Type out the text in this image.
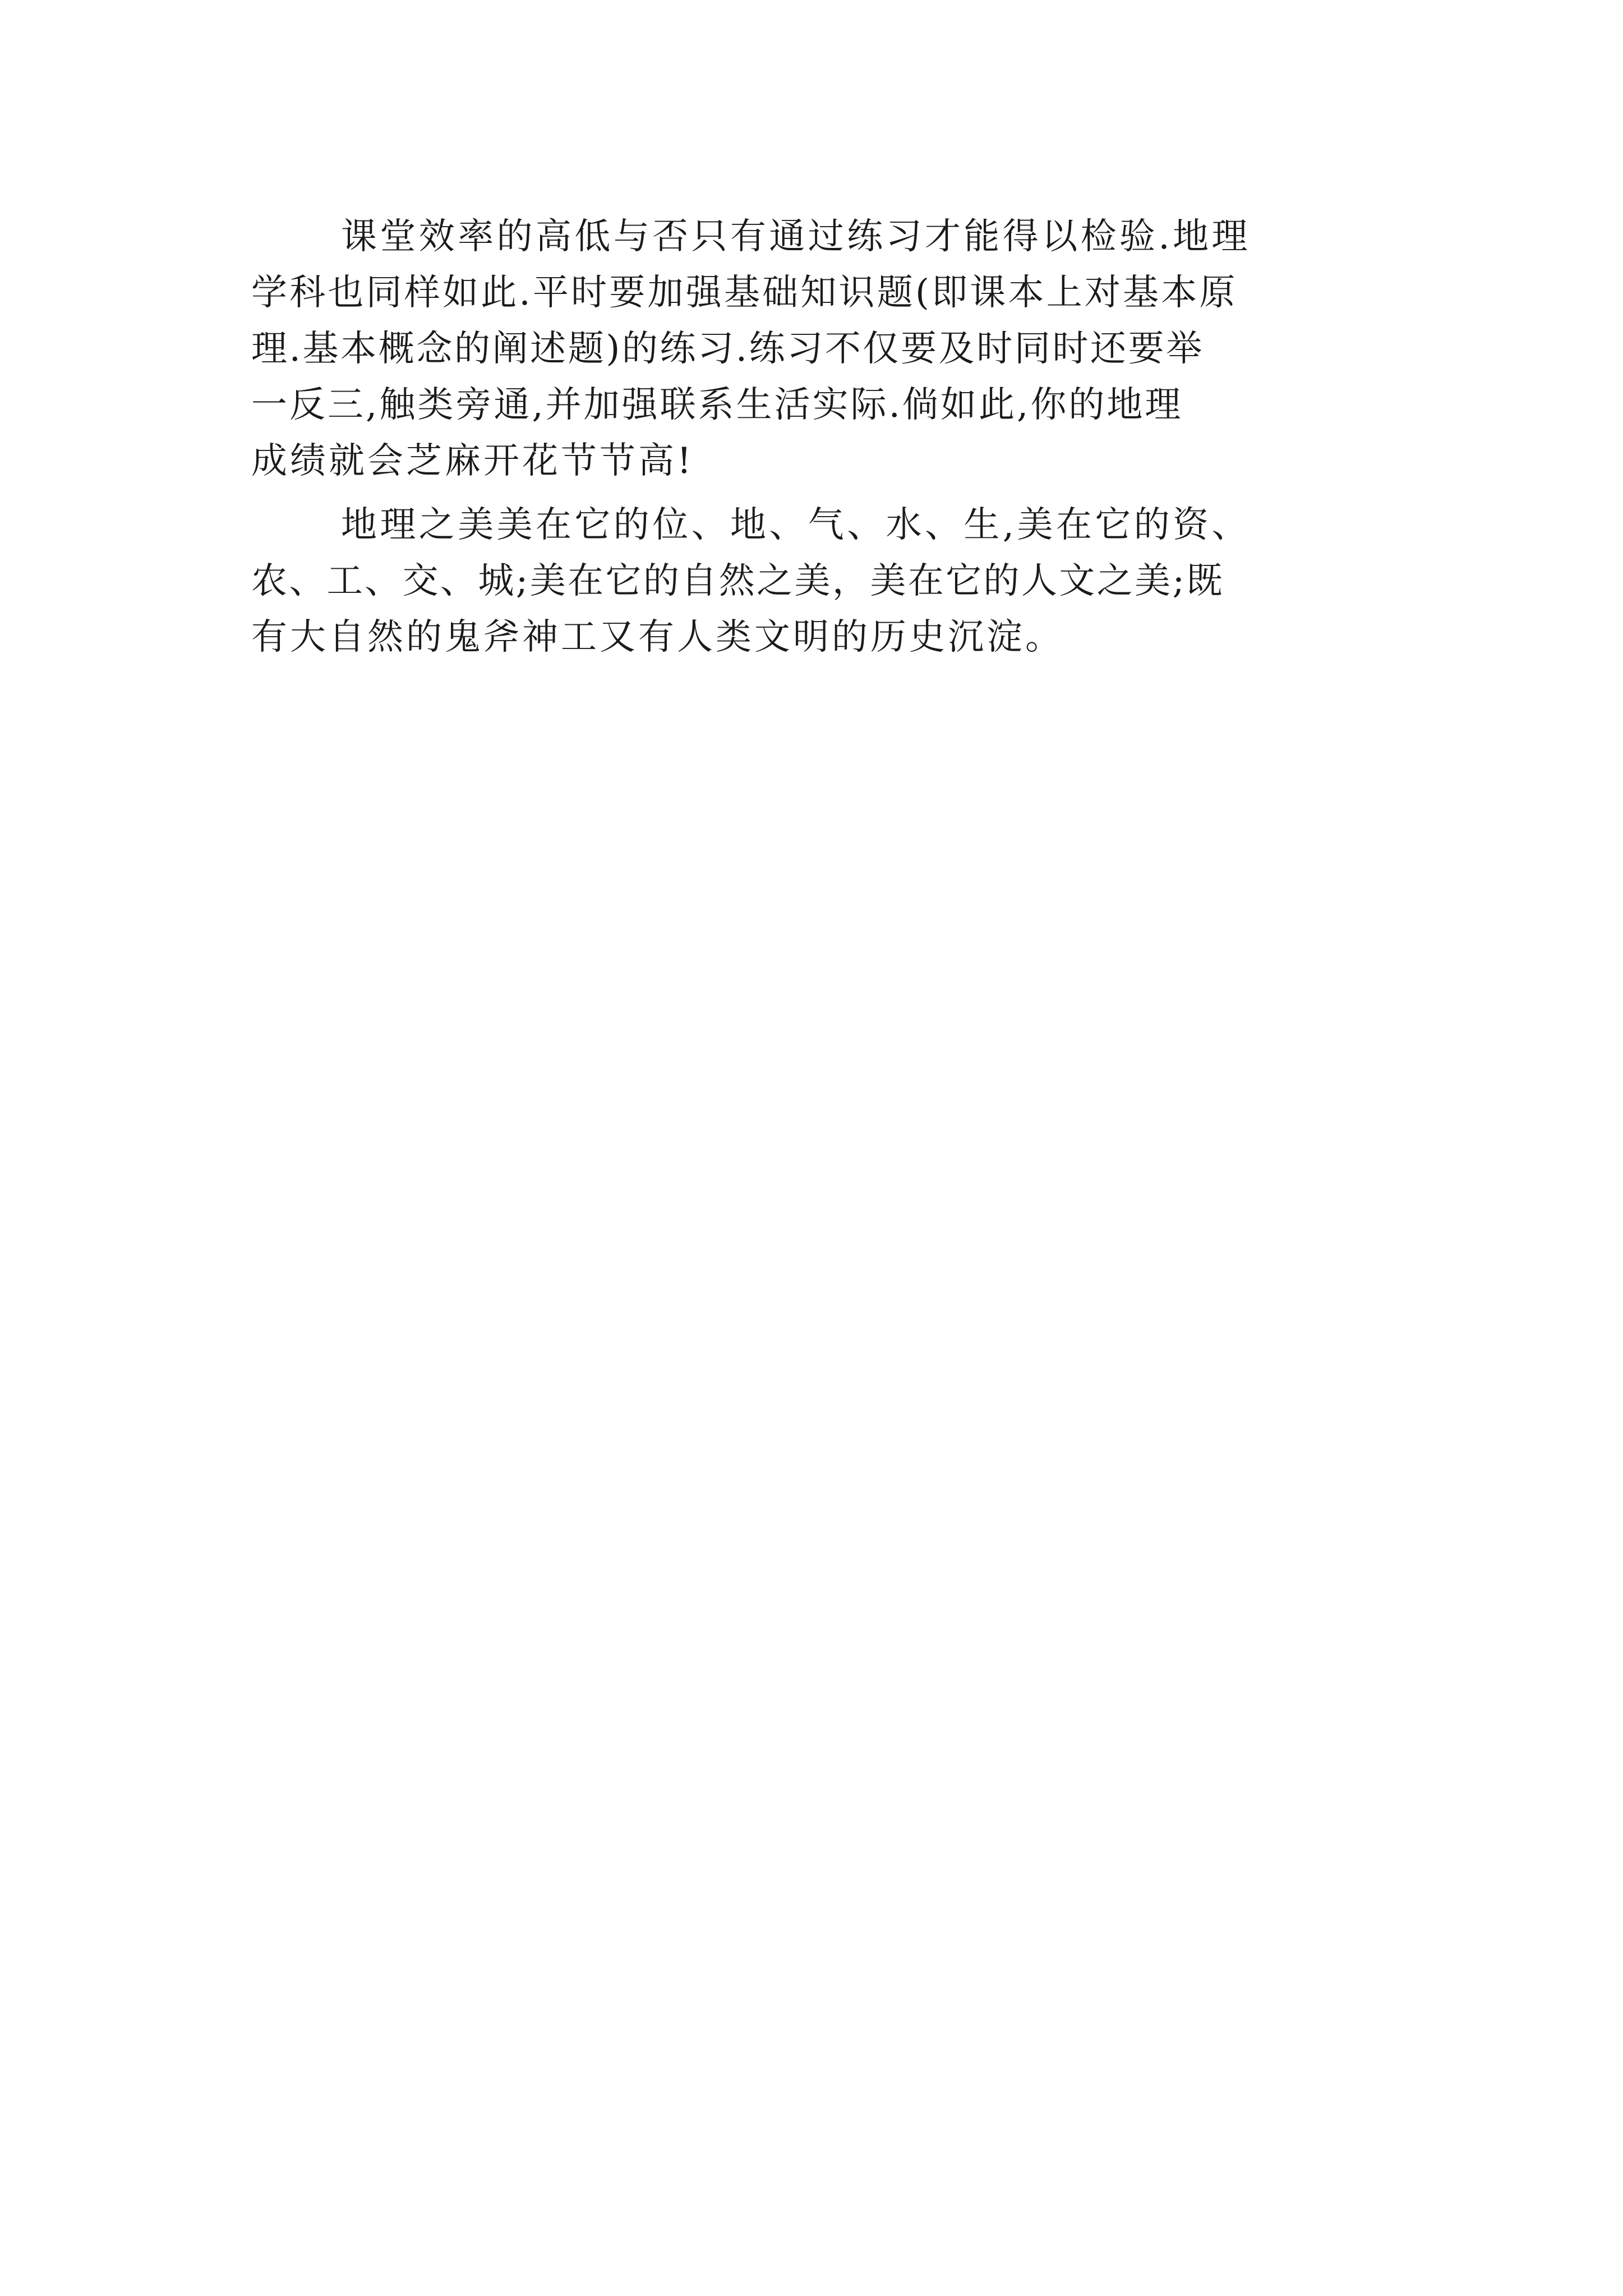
课堂效率的高低与否只有通过练习才能得以检验.地理
学科也同样如此.平时要加强基础知识题(即课本上对基本原
理.基本概念的阐述题)的练习.练习不仅要及时同时还要举
一反三,触类旁通,并加强联系生活实际.倘如此,你的地理
成绩就会芝麻开花节节高!
地理之美美在它的位、地、气、水、生,美在它的资、
农、工、交、城;美在它的自然之美，美在它的人文之美;既
有大自然的鬼斧神工又有人类文明的历史沉淀。
